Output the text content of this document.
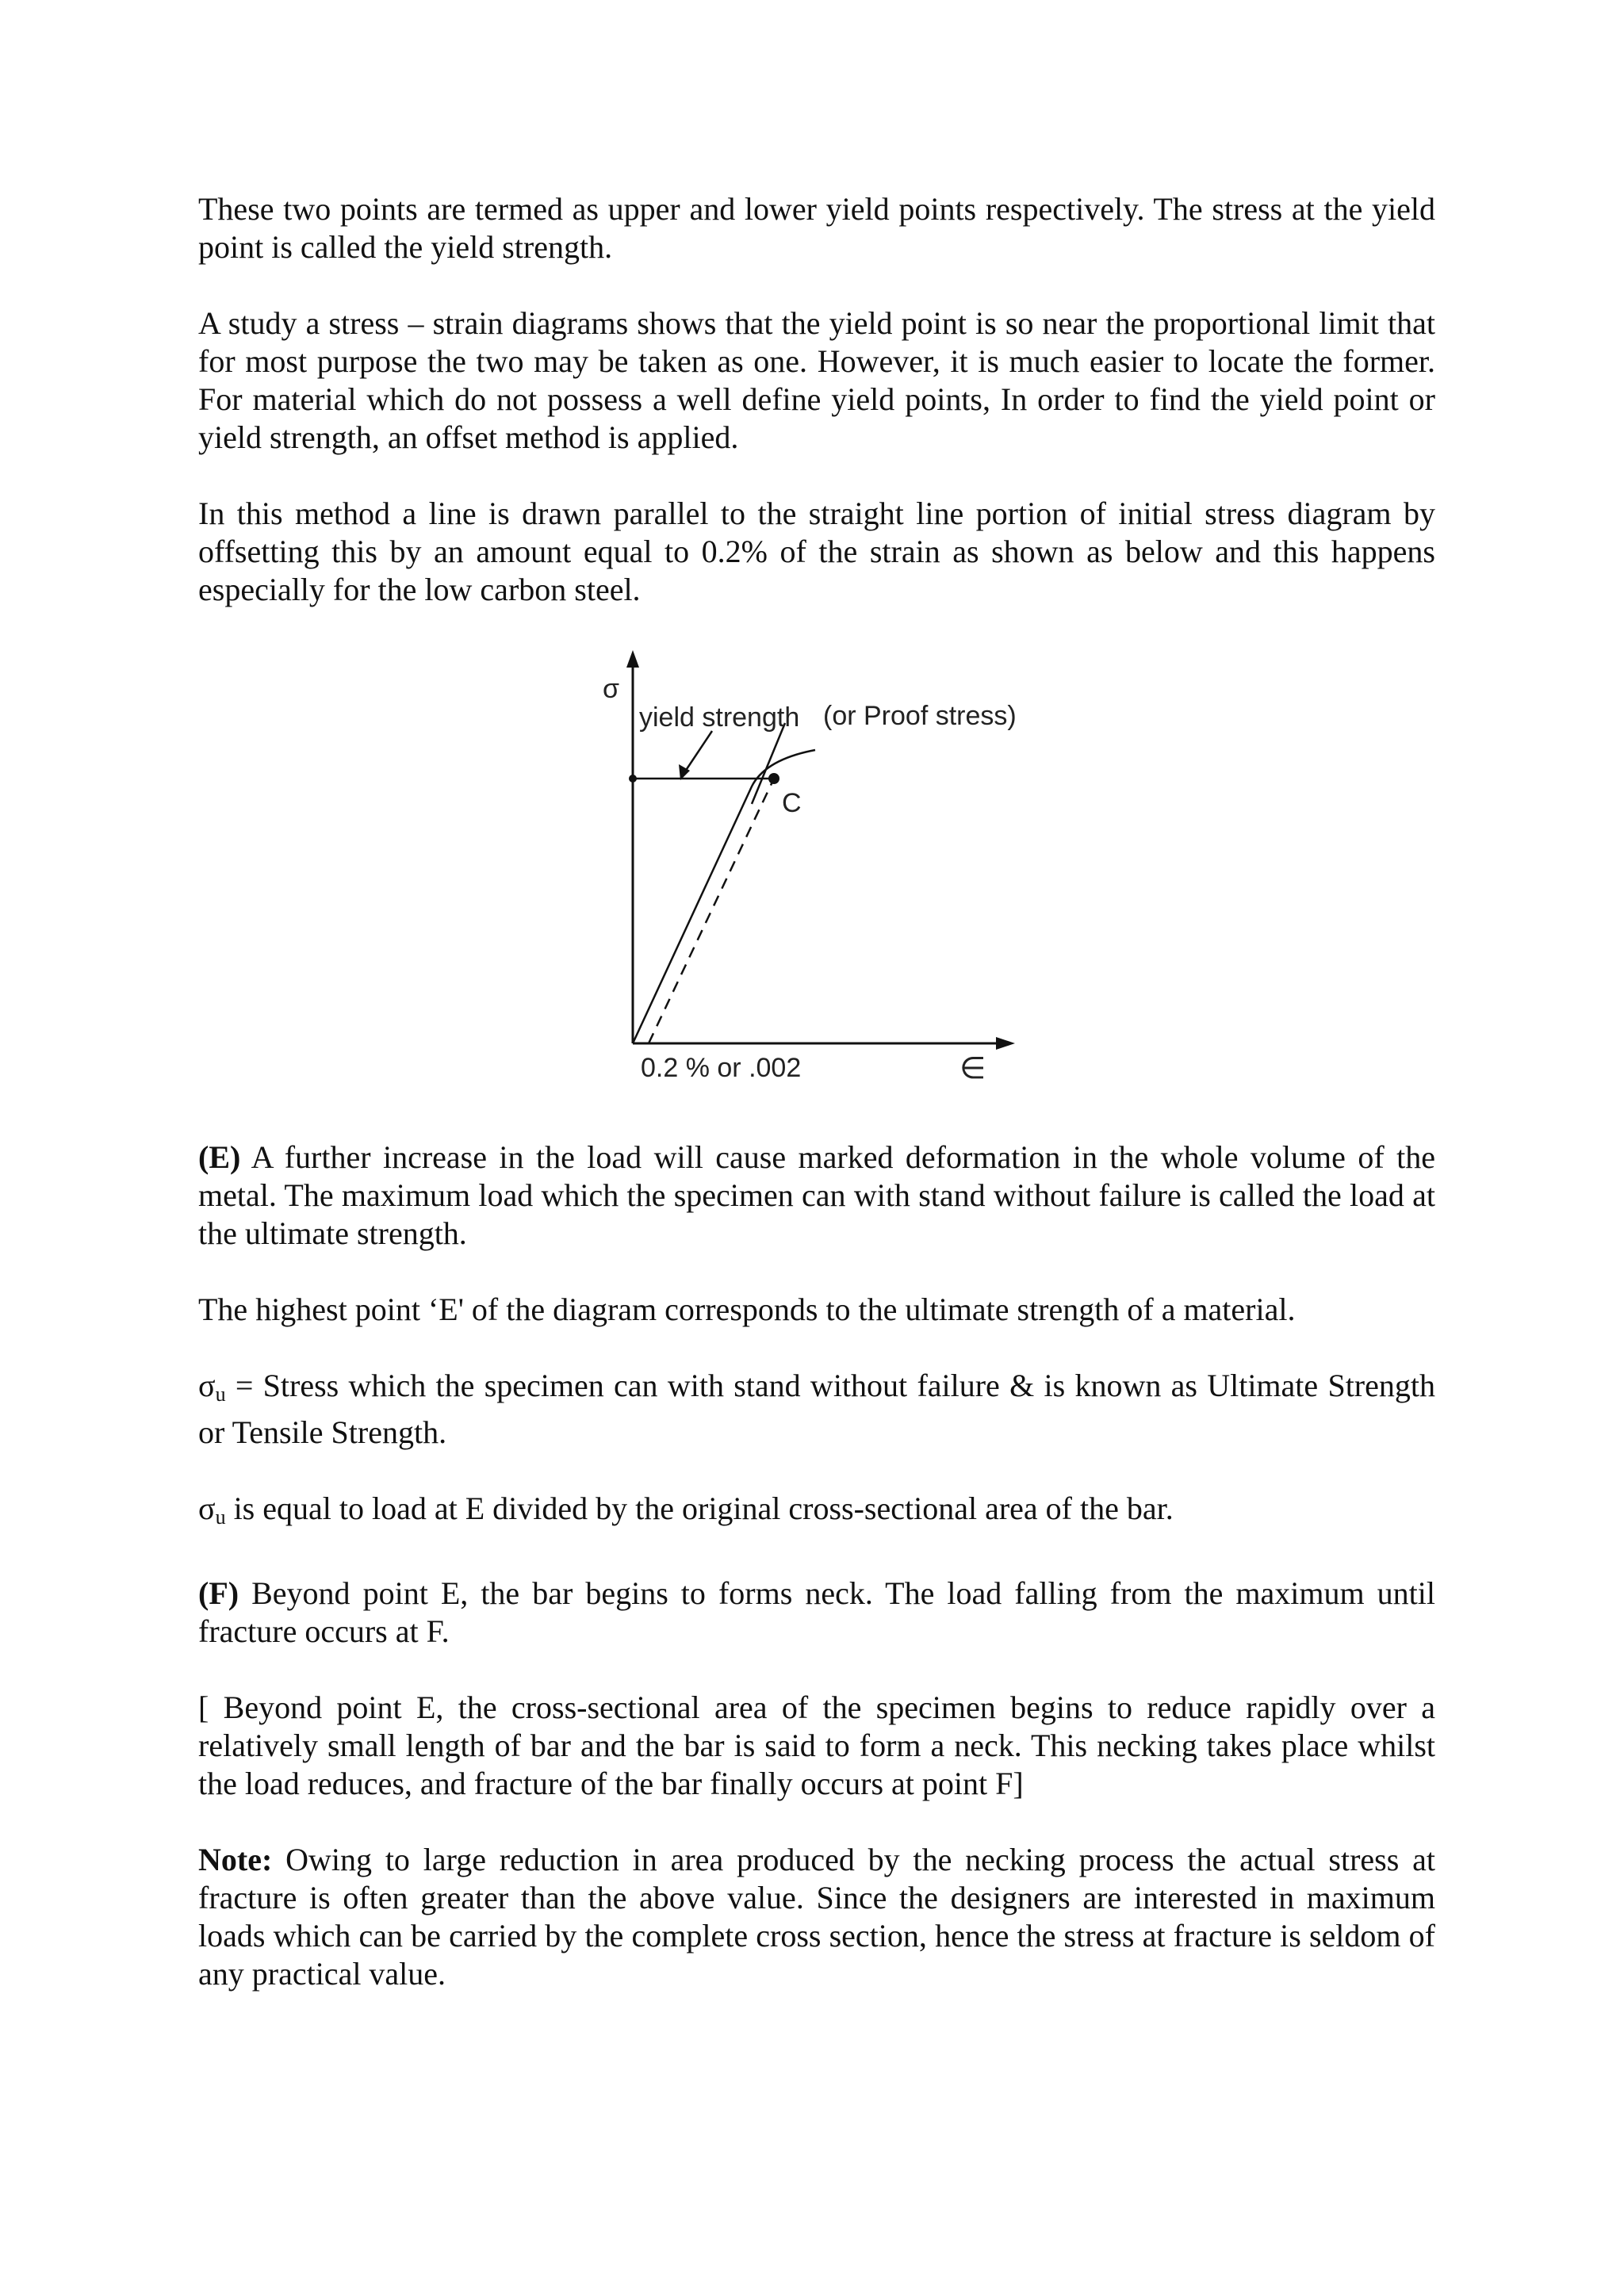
These two points are termed as upper and lower yield points respectively. The stress at the yield point is called the yield strength.

A study a stress – strain diagrams shows that the yield point is so near the proportional limit that for most purpose the two may be taken as one. However, it is much easier to locate the former. For material which do not possess a well define yield points, In order to find the yield point or yield strength, an offset method is applied.

In this method a line is drawn parallel to the straight line portion of initial stress diagram by offsetting this by an amount equal to 0.2% of the strain as shown as below and this happens especially for the low carbon steel.

σ
yield strength (or Proof stress)
C
0.2 % or .002	∈

(E) A further increase in the load will cause marked deformation in the whole volume of the metal. The maximum load which the specimen can with stand without failure is called the load at the ultimate strength.

The highest point ‘E' of the diagram corresponds to the ultimate strength of a material.

$\sigma_u$ = Stress which the specimen can with stand without failure & is known as Ultimate Strength or Tensile Strength.

$\sigma_u$ is equal to load at E divided by the original cross-sectional area of the bar.

(F) Beyond point E, the bar begins to forms neck. The load falling from the maximum until fracture occurs at F.

[ Beyond point E, the cross-sectional area of the specimen begins to reduce rapidly over a relatively small length of bar and the bar is said to form a neck. This necking takes place whilst the load reduces, and fracture of the bar finally occurs at point F]

Note: Owing to large reduction in area produced by the necking process the actual stress at fracture is often greater than the above value. Since the designers are interested in maximum loads which can be carried by the complete cross section, hence the stress at fracture is seldom of any practical value.
